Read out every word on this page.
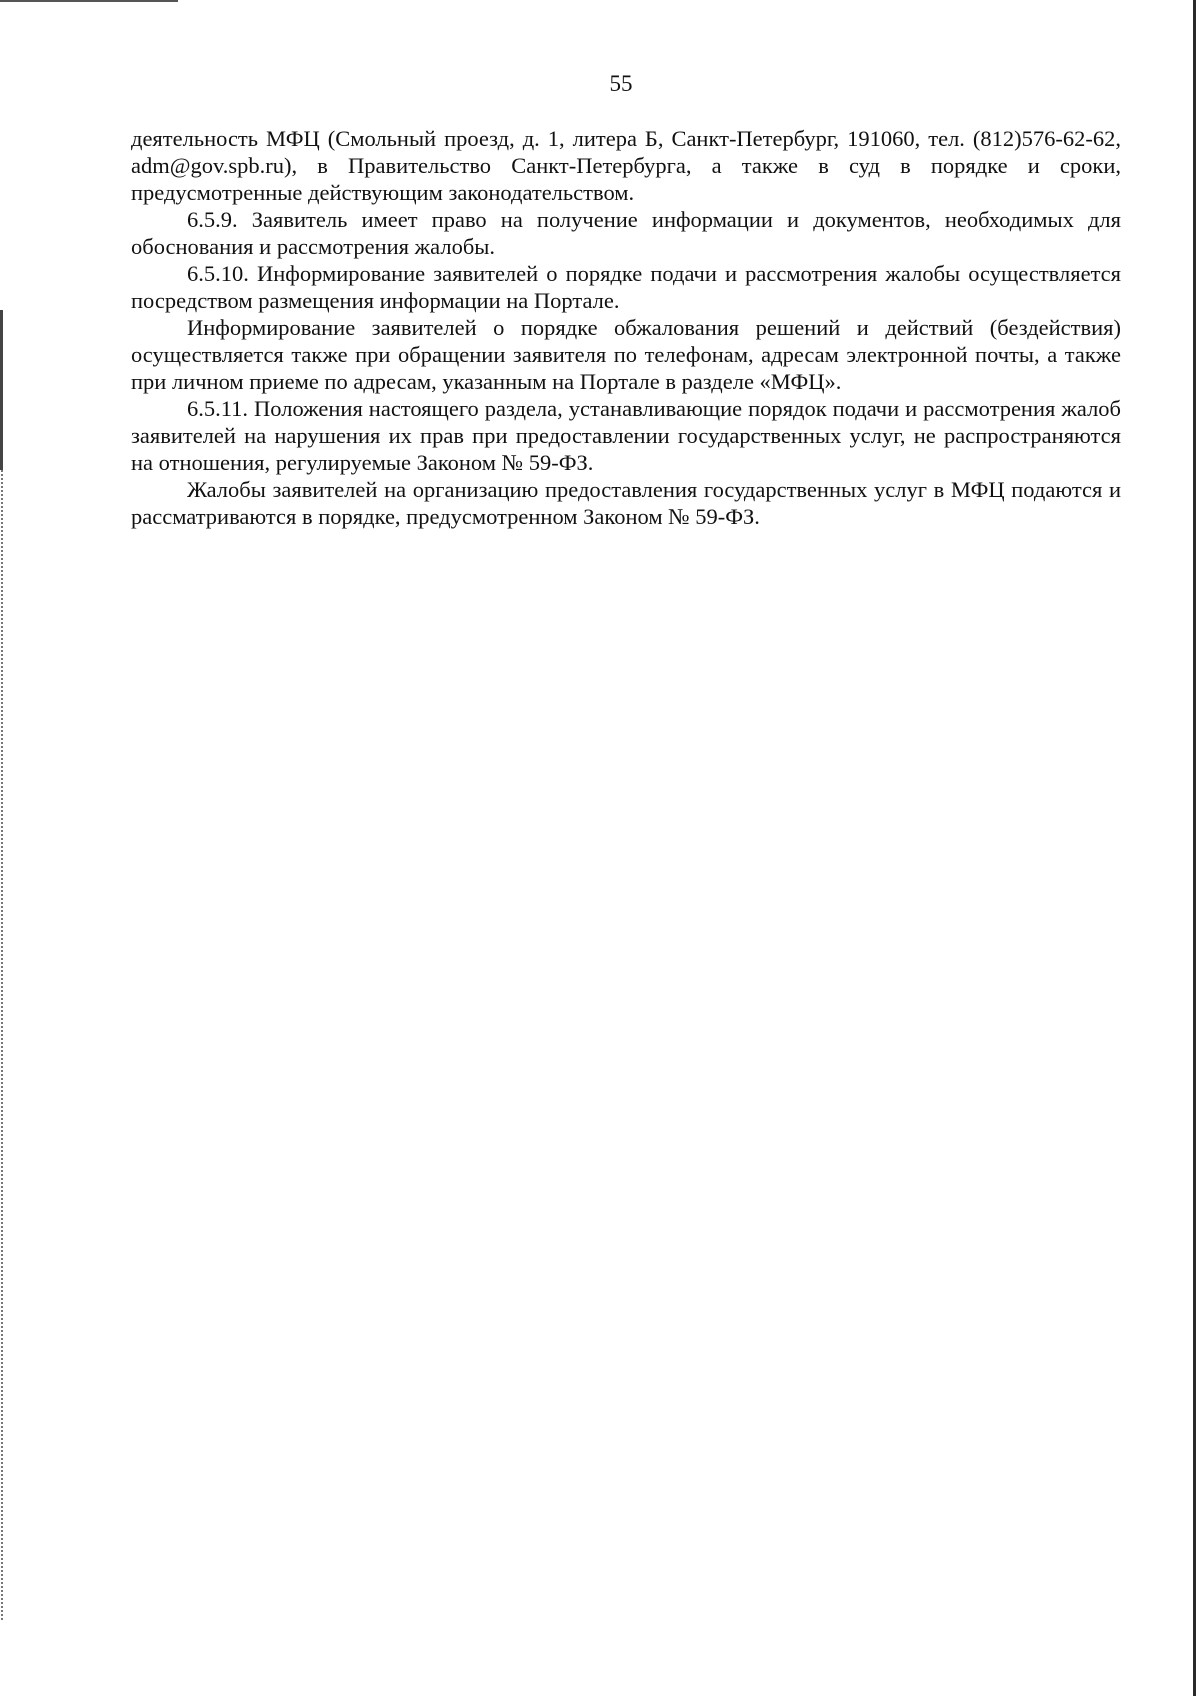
55

деятельность МФЦ (Смольный проезд, д. 1, литера Б, Санкт-Петербург, 191060, тел. (812)576-62-62, adm@gov.spb.ru), в Правительство Санкт-Петербурга, а также в суд в порядке и сроки, предусмотренные действующим законодательством.

6.5.9. Заявитель имеет право на получение информации и документов, необходимых для обоснования и рассмотрения жалобы.

6.5.10. Информирование заявителей о порядке подачи и рассмотрения жалобы осуществляется посредством размещения информации на Портале.

Информирование заявителей о порядке обжалования решений и действий (бездействия) осуществляется также при обращении заявителя по телефонам, адресам электронной почты, а также при личном приеме по адресам, указанным на Портале в разделе «МФЦ».

6.5.11. Положения настоящего раздела, устанавливающие порядок подачи и рассмотрения жалоб заявителей на нарушения их прав при предоставлении государственных услуг, не распространяются на отношения, регулируемые Законом № 59-ФЗ.

Жалобы заявителей на организацию предоставления государственных услуг в МФЦ подаются и рассматриваются в порядке, предусмотренном Законом № 59-ФЗ.
